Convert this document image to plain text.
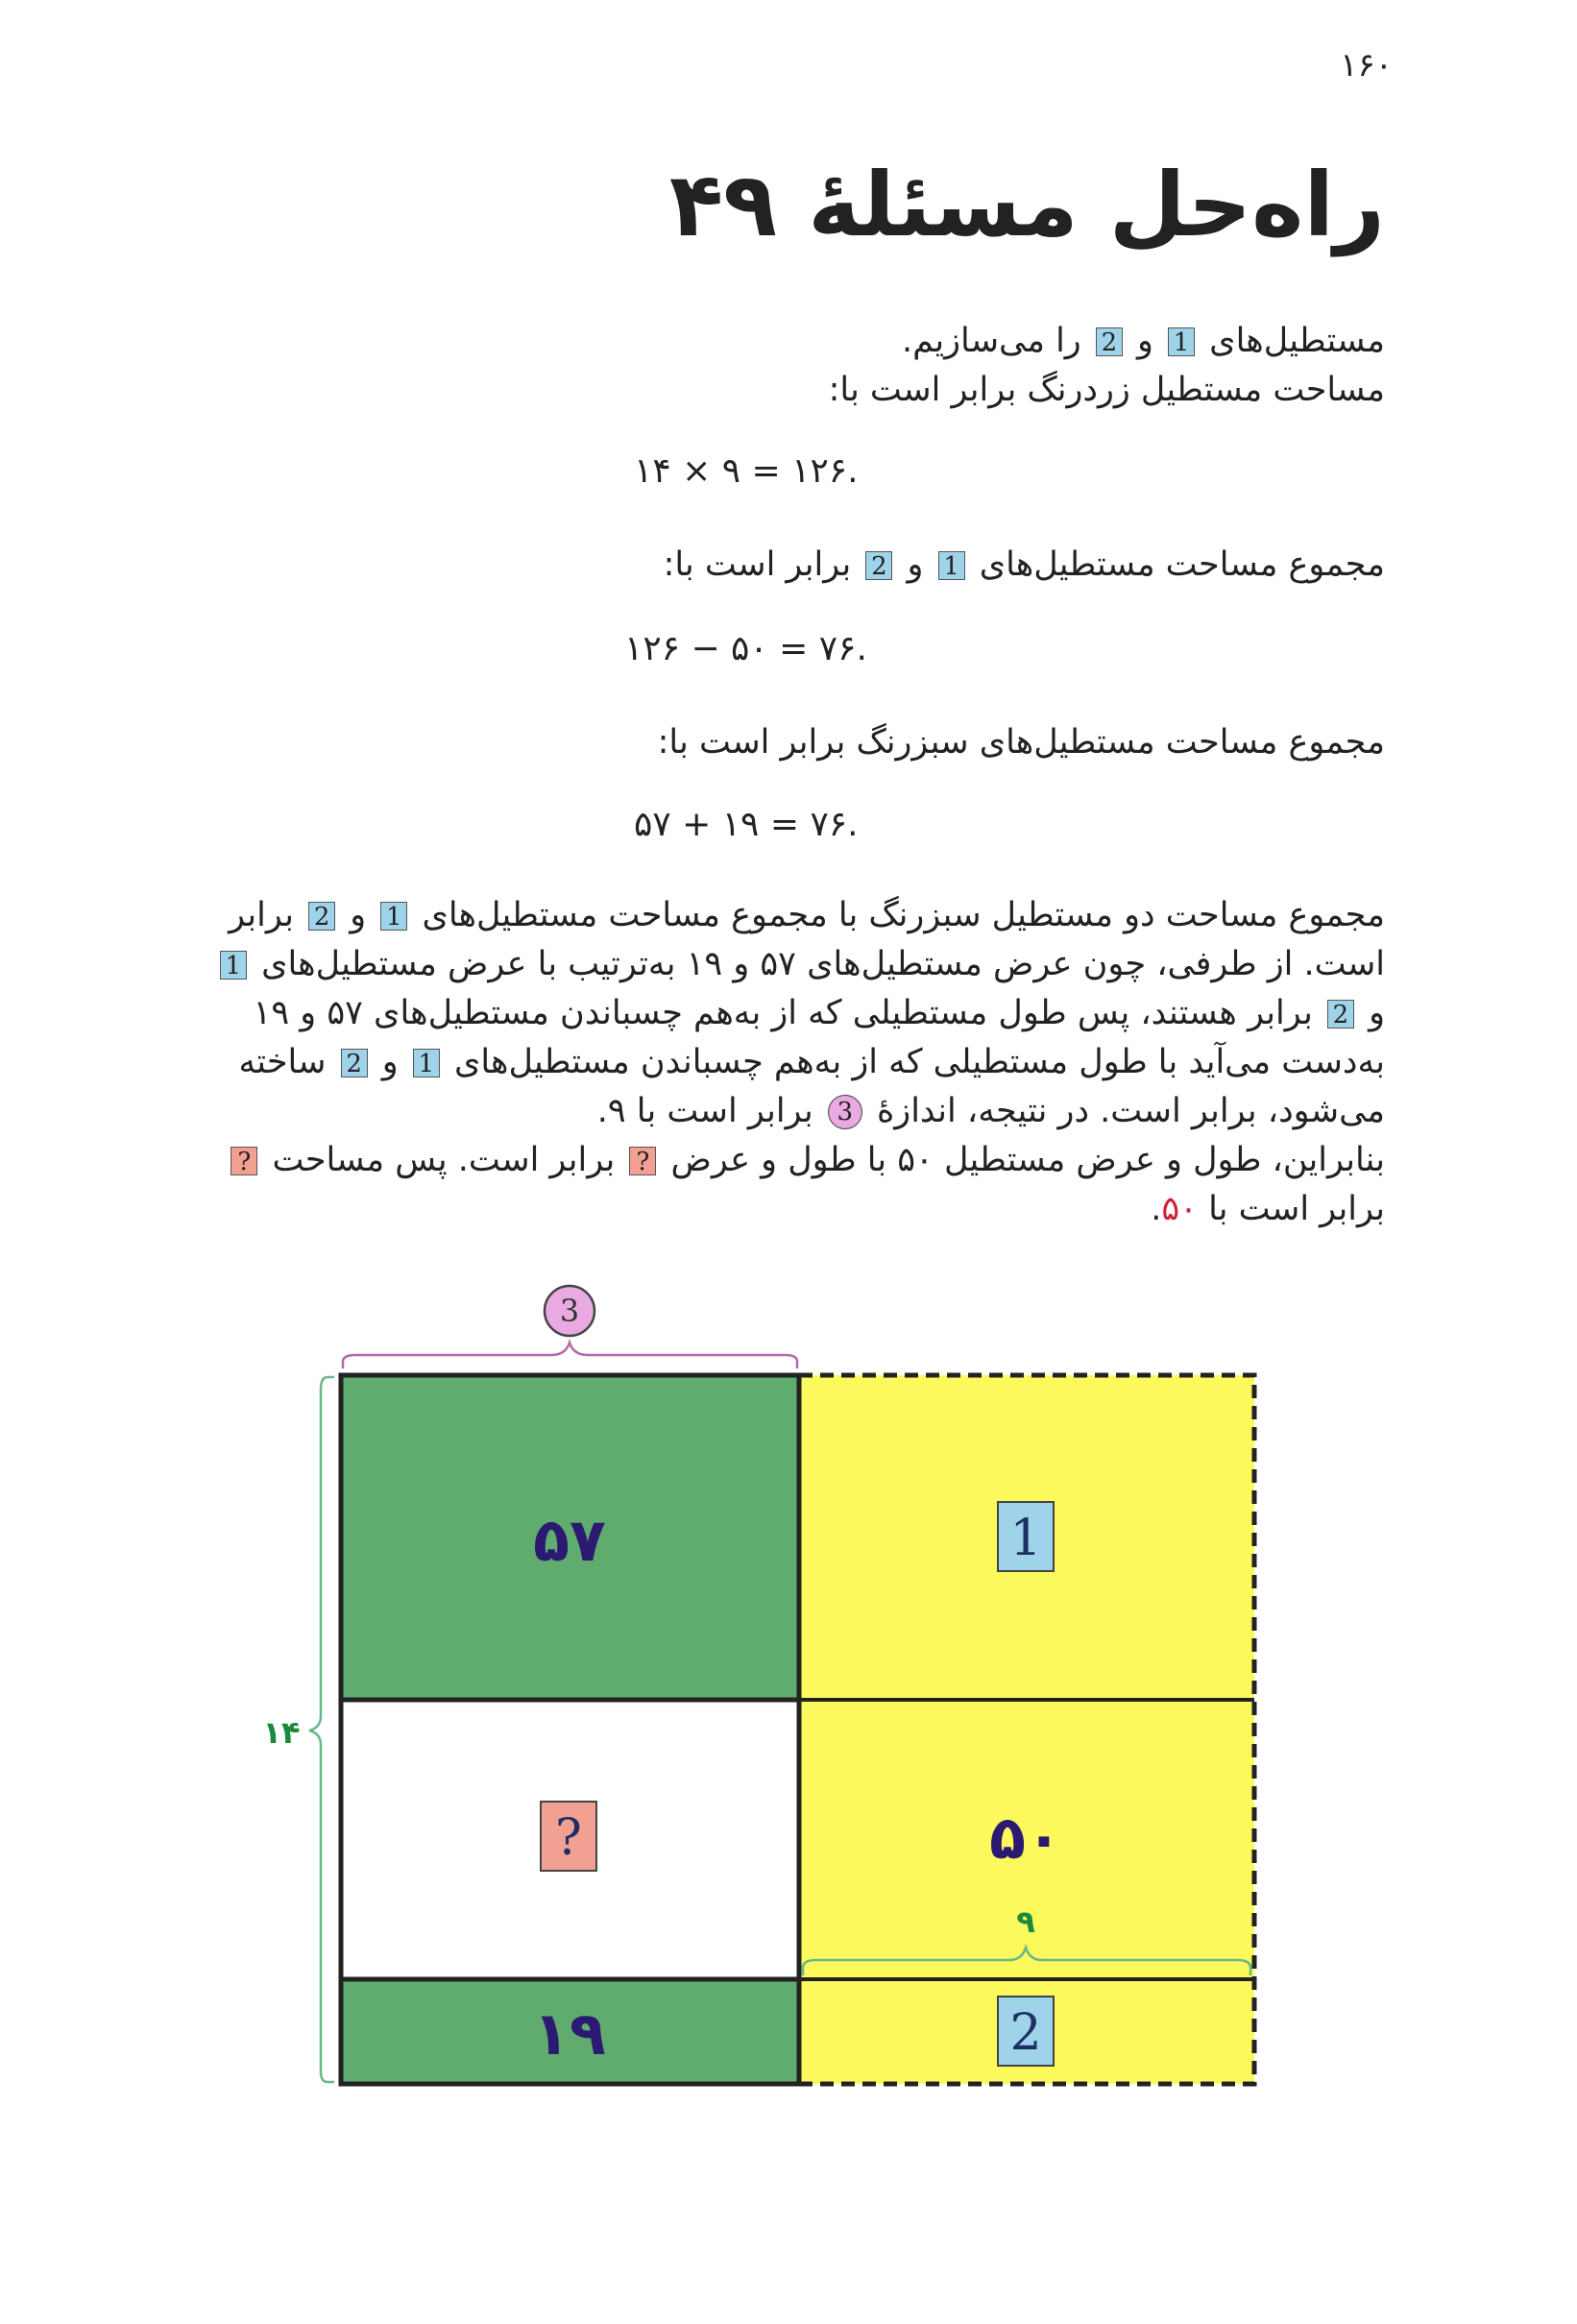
۱۶۰
راه‌حل مسئلهٔ ۴۹

مستطیل‌های 1 و 2 را می‌سازیم.

مساحت مستطیل زردرنگ برابر است با:

۱۴ × ۹ = ۱۲۶.

مجموع مساحت مستطیل‌های 1 و 2 برابر است با:

۱۲۶ − ۵۰ = ۷۶.

مجموع مساحت مستطیل‌های سبزرنگ برابر است با:

۵۷ + ۱۹ = ۷۶.

مجموع مساحت دو مستطیل سبزرنگ با مجموع مساحت مستطیل‌های 1 و 2 برابر

است. از طرفی، چون عرض مستطیل‌های ۵۷ و ۱۹ به‌ترتیب با عرض مستطیل‌های 1

و 2 برابر هستند، پس طول مستطیلی که از به‌هم چسباندن مستطیل‌های ۵۷ و ۱۹

به‌دست می‌آید با طول مستطیلی که از به‌هم چسباندن مستطیل‌های 1 و 2 ساخته

می‌شود، برابر است. در نتیجه، اندازهٔ 3 برابر است با ۹.

بنابراین، طول و عرض مستطیل ۵۰ با طول و عرض ? برابر است. پس مساحت ?

برابر است با ۵۰.

۵۷	1
?	۵۰
۱۹	2
3
۱۴
۹
